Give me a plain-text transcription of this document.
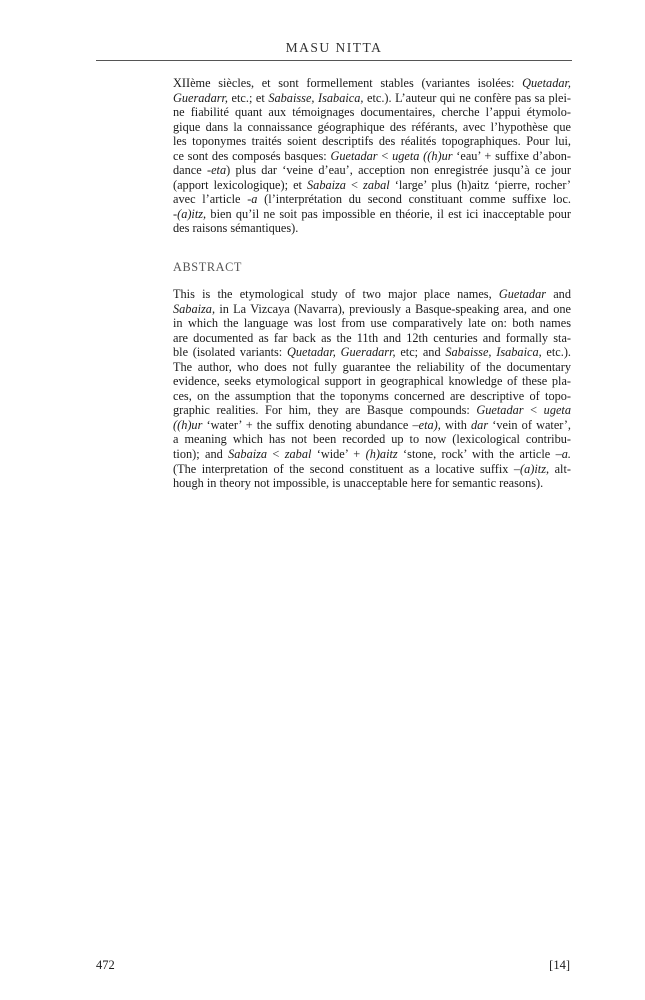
MASU NITTA
XIIème siècles, et sont formellement stables (variantes isolées: Quetadar,
Gueradarr, etc.; et Sabaisse, Isabaica, etc.). L’auteur qui ne confère pas sa plei-
ne fiabilité quant aux témoignages documentaires, cherche l’appui étymolo-
gique dans la connaissance géographique des référants, avec l’hypothèse que
les toponymes traités soient descriptifs des réalités topographiques. Pour lui,
ce sont des composés basques: Guetadar < ugeta ((h)ur ‘eau’ + suffixe d’abon-
dance -eta) plus dar ‘veine d’eau’, acception non enregistrée jusqu’à ce jour
(apport lexicologique); et Sabaiza < zabal ‘large’ plus (h)aitz ‘pierre, rocher’
avec l’article -a (l’interprétation du second constituant comme suffixe loc.
-(a)itz, bien qu’il ne soit pas impossible en théorie, il est ici inacceptable pour
des raisons sémantiques).
ABSTRACT
This is the etymological study of two major place names, Guetadar and
Sabaiza, in La Vizcaya (Navarra), previously a Basque-speaking area, and one
in which the language was lost from use comparatively late on: both names
are documented as far back as the 11th and 12th centuries and formally sta-
ble (isolated variants: Quetadar, Gueradarr, etc; and Sabaisse, Isabaica, etc.).
The author, who does not fully guarantee the reliability of the documentary
evidence, seeks etymological support in geographical knowledge of these pla-
ces, on the assumption that the toponyms concerned are descriptive of topo-
graphic realities. For him, they are Basque compounds: Guetadar < ugeta
((h)ur ‘water’ + the suffix denoting abundance –eta), with dar ‘vein of water’,
a meaning which has not been recorded up to now (lexicological contribu-
tion); and Sabaiza < zabal ‘wide’ + (h)aitz ‘stone, rock’ with the article –a.
(The interpretation of the second constituent as a locative suffix –(a)itz, alt-
hough in theory not impossible, is unacceptable here for semantic reasons).
472	[14]
